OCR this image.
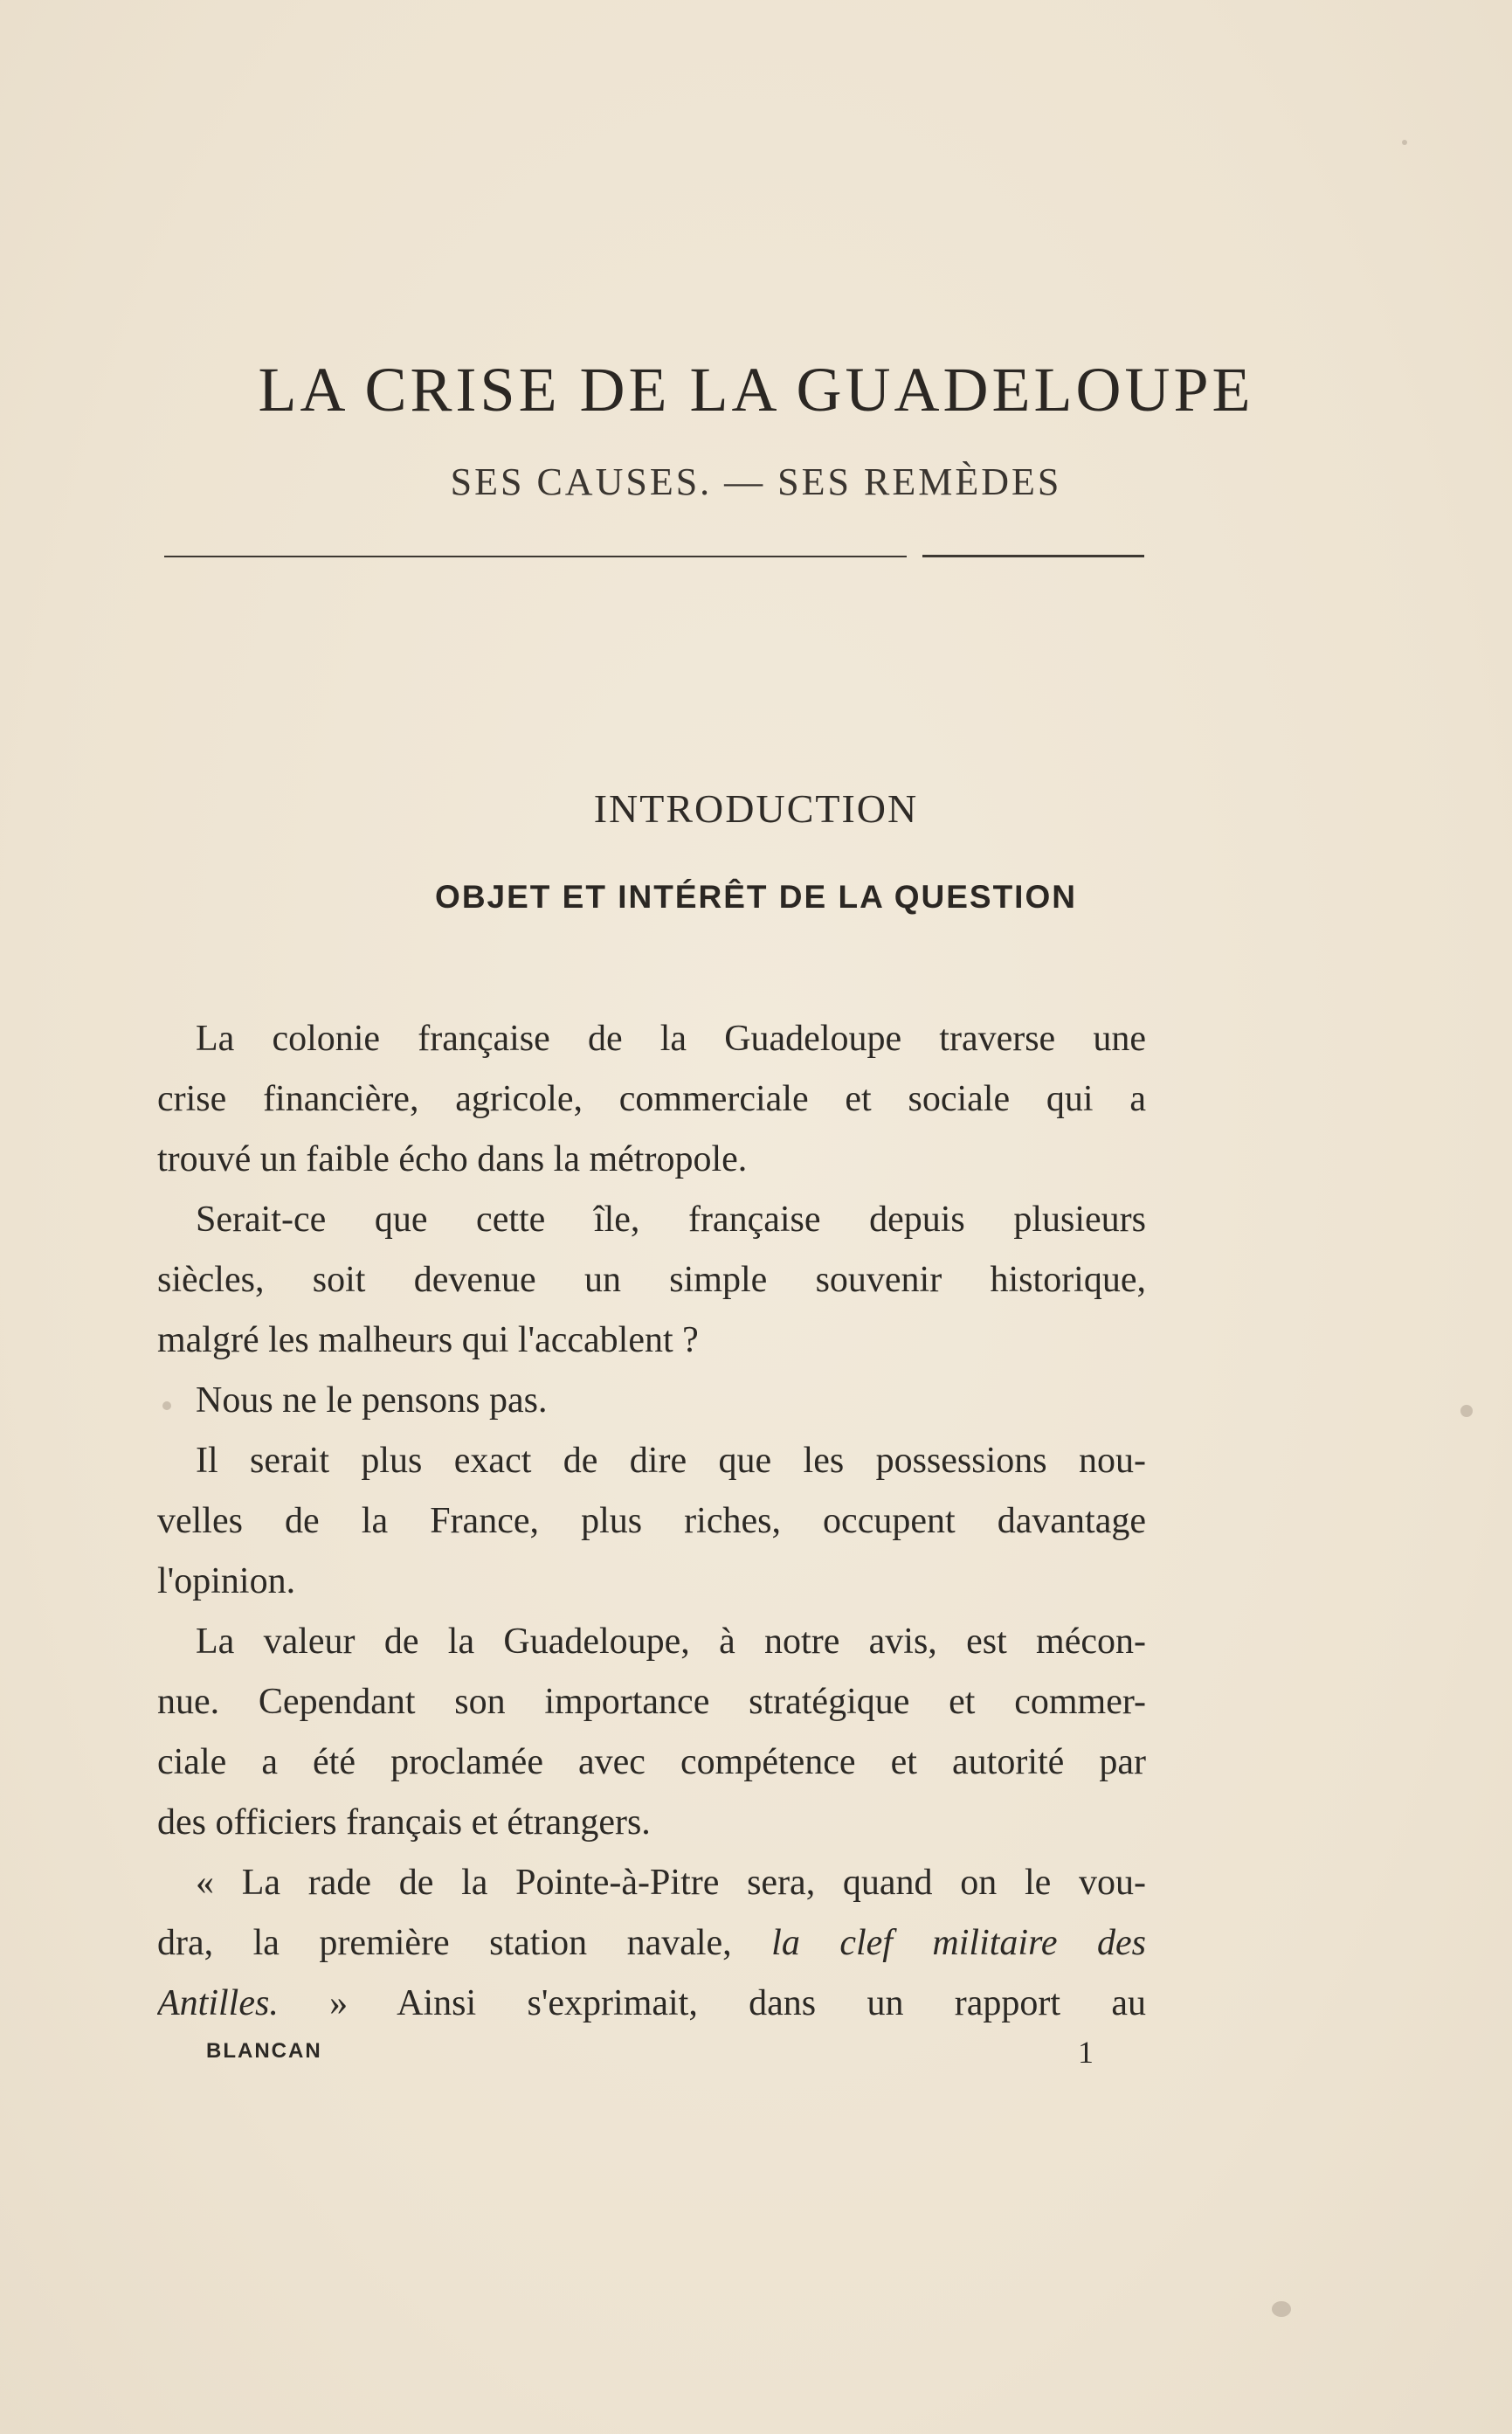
LA CRISE DE LA GUADELOUPE
SES CAUSES. — SES REMÈDES
INTRODUCTION
OBJET ET INTÉRÊT DE LA QUESTION
La colonie française de la Guadeloupe traverse une
crise financière, agricole, commerciale et sociale qui a
trouvé un faible écho dans la métropole.
Serait-ce que cette île, française depuis plusieurs
siècles, soit devenue un simple souvenir historique,
malgré les malheurs qui l'accablent ?
Nous ne le pensons pas.
Il serait plus exact de dire que les possessions nou-
velles de la France, plus riches, occupent davantage
l'opinion.
La valeur de la Guadeloupe, à notre avis, est mécon-
nue. Cependant son importance stratégique et commer-
ciale a été proclamée avec compétence et autorité par
des officiers français et étrangers.
« La rade de la Pointe-à-Pitre sera, quand on le vou-
dra, la première station navale, la clef militaire des
Antilles. » Ainsi s'exprimait, dans un rapport au
BLANCAN	1
